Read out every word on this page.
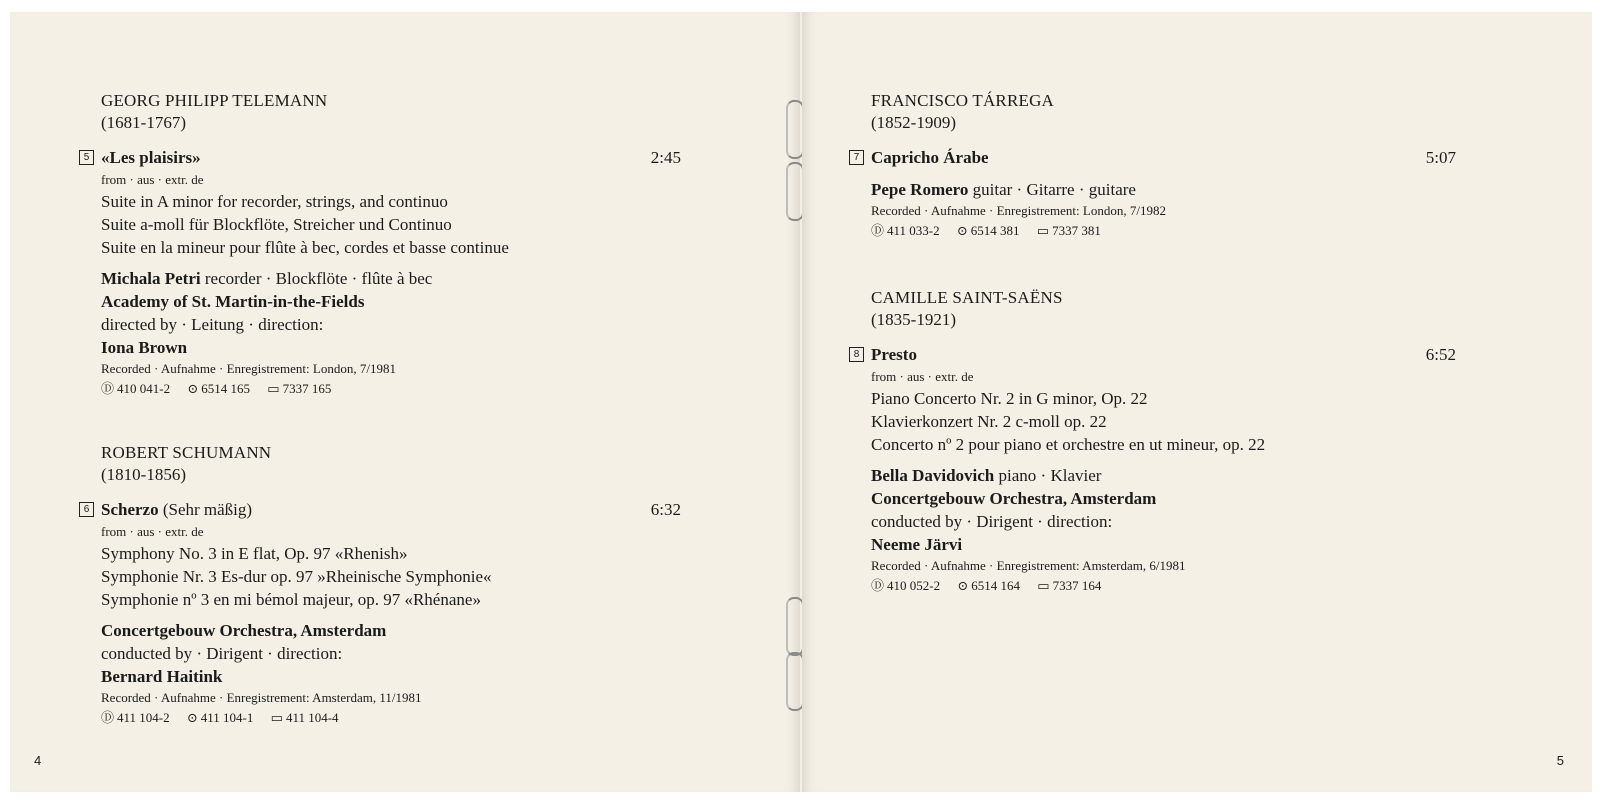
GEORG PHILIPP TELEMANN

(1681-1767)

5 «Les plaisirs»	2:45

from · aus · extr. de

Suite in A minor for recorder, strings, and continuo

Suite a-moll für Blockflöte, Streicher und Continuo

Suite en la mineur pour flûte à bec, cordes et basse continue

Michala Petri recorder · Blockflöte · flûte à bec

Academy of St. Martin-in-the-Fields

directed by · Leitung · direction:

Iona Brown

Recorded · Aufnahme · Enregistrement: London, 7/1981

Ⓓ 410 041-2 ⊙ 6514 165 ▭ 7337 165

ROBERT SCHUMANN

(1810-1856)

6 Scherzo (Sehr mäßig)	6:32

from · aus · extr. de

Symphony No. 3 in E flat, Op. 97 «Rhenish»

Symphonie Nr. 3 Es-dur op. 97 »Rheinische Symphonie«

Symphonie nº 3 en mi bémol majeur, op. 97 «Rhénane»

Concertgebouw Orchestra, Amsterdam

conducted by · Dirigent · direction:

Bernard Haitink

Recorded · Aufnahme · Enregistrement: Amsterdam, 11/1981

Ⓓ 411 104-2 ⊙ 411 104-1 ▭ 411 104-4

4

FRANCISCO TÁRREGA

(1852-1909)

7 Capricho Árabe	5:07

Pepe Romero guitar · Gitarre · guitare

Recorded · Aufnahme · Enregistrement: London, 7/1982

Ⓓ 411 033-2 ⊙ 6514 381 ▭ 7337 381

CAMILLE SAINT-SAËNS

(1835-1921)

8 Presto	6:52

from · aus · extr. de

Piano Concerto Nr. 2 in G minor, Op. 22

Klavierkonzert Nr. 2 c-moll op. 22

Concerto nº 2 pour piano et orchestre en ut mineur, op. 22

Bella Davidovich piano · Klavier

Concertgebouw Orchestra, Amsterdam

conducted by · Dirigent · direction:

Neeme Järvi

Recorded · Aufnahme · Enregistrement: Amsterdam, 6/1981

Ⓓ 410 052-2 ⊙ 6514 164 ▭ 7337 164

5
